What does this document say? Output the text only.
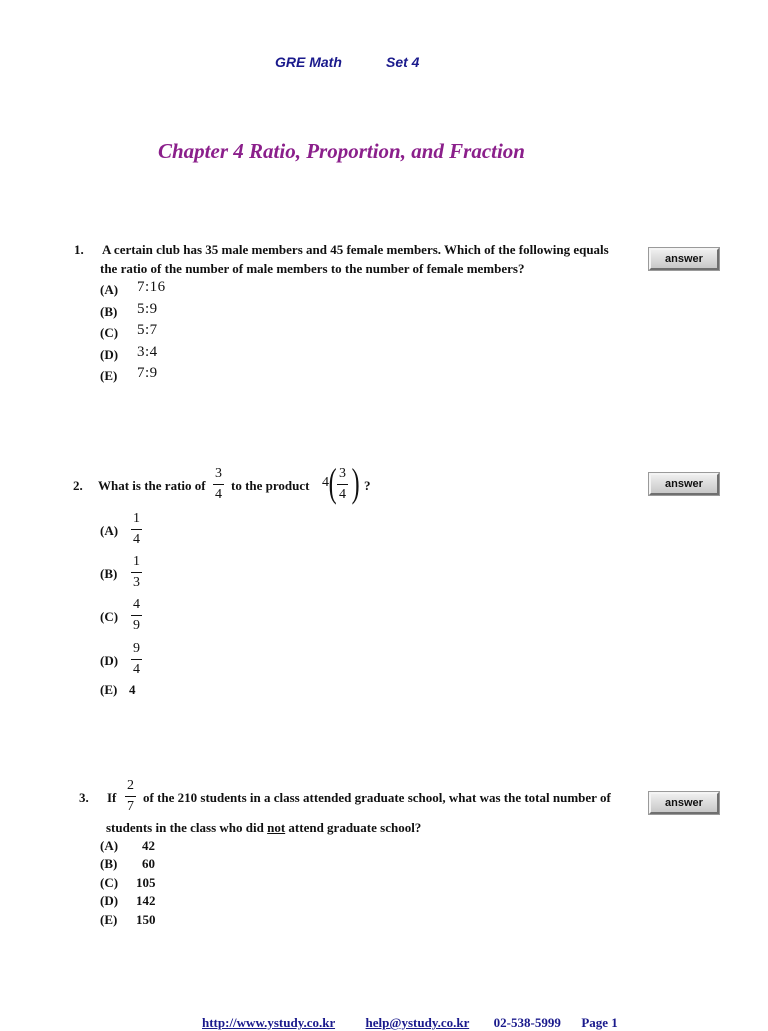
GRE Math	Set 4
Chapter 4 Ratio, Proportion, and Fraction
1. A certain club has 35 male members and 45 female members. Which of the following equals
the ratio of the number of male members to the number of female members?
(A) 7:16
(B) 5:9
(C) 5:7
(D) 3:4
(E) 7:9
answer
2. What is the ratio of
3
4
to the product 4 ( 3
4 ) ?
(A)
1
4
(B)
1
3
(C)
4
9
(D)
9
4
(E) 4
answer
3. If
2
7
of the 210 students in a class attended graduate school, what was the total number of
students in the class who did not attend graduate school?
(A) 42
(B) 60
(C) 105
(D) 142
(E) 150
answer
http://www.ystudy.co.kr help@ystudy.co.kr 02-538-5999 Page 1
